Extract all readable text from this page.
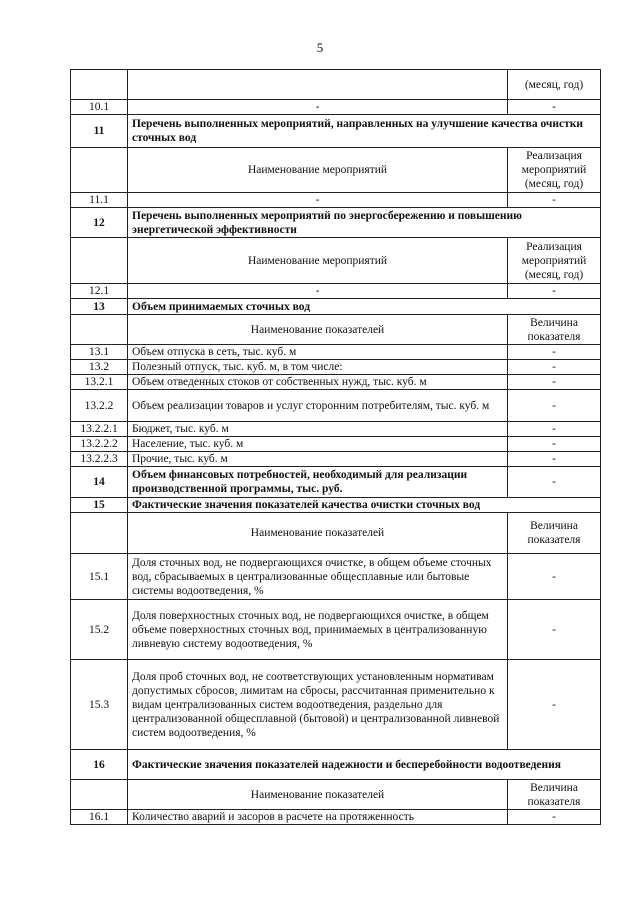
5
		(месяц, год)
10.1	-	-
11	Перечень выполненных мероприятий, направленных на улучшение качества очистки сточных вод	
	Наименование мероприятий	Реализация мероприятий (месяц, год)
11.1	-	-
12	Перечень выполненных мероприятий по энергосбережению и повышению энергетической эффективности	
	Наименование мероприятий	Реализация мероприятий (месяц, год)
12.1	-	-
13	Объем принимаемых сточных вод	
	Наименование показателей	Величина показателя
13.1	Объем отпуска в сеть, тыс. куб. м	-
13.2	Полезный отпуск, тыс. куб. м, в том числе:	-
13.2.1	Объем отведенных стоков от собственных нужд, тыс. куб. м	-
13.2.2	Объем реализации товаров и услуг сторонним потребителям, тыс. куб. м	-
13.2.2.1	Бюджет, тыс. куб. м	-
13.2.2.2	Население, тыс. куб. м	-
13.2.2.3	Прочие, тыс. куб. м	-
14	Объем финансовых потребностей, необходимый для реализации производственной программы, тыс. руб.	-
15	Фактические значения показателей качества очистки сточных вод	
	Наименование показателей	Величина показателя
15.1	Доля сточных вод, не подвергающихся очистке, в общем объеме сточных вод, сбрасываемых в централизованные общесплавные или бытовые системы водоотведения, %	-
15.2	Доля поверхностных сточных вод, не подвергающихся очистке, в общем объеме поверхностных сточных вод, принимаемых в централизованную ливневую систему водоотведения, %	-
15.3	Доля проб сточных вод, не соответствующих установленным нормативам допустимых сбросов, лимитам на сбросы, рассчитанная применительно к видам централизованных систем водоотведения, раздельно для централизованной общесплавной (бытовой) и централизованной ливневой систем водоотведения, %	-
16	Фактические значения показателей надежности и бесперебойности водоотведения	
	Наименование показателей	Величина показателя
16.1	Количество аварий и засоров в расчете на протяженность	-
